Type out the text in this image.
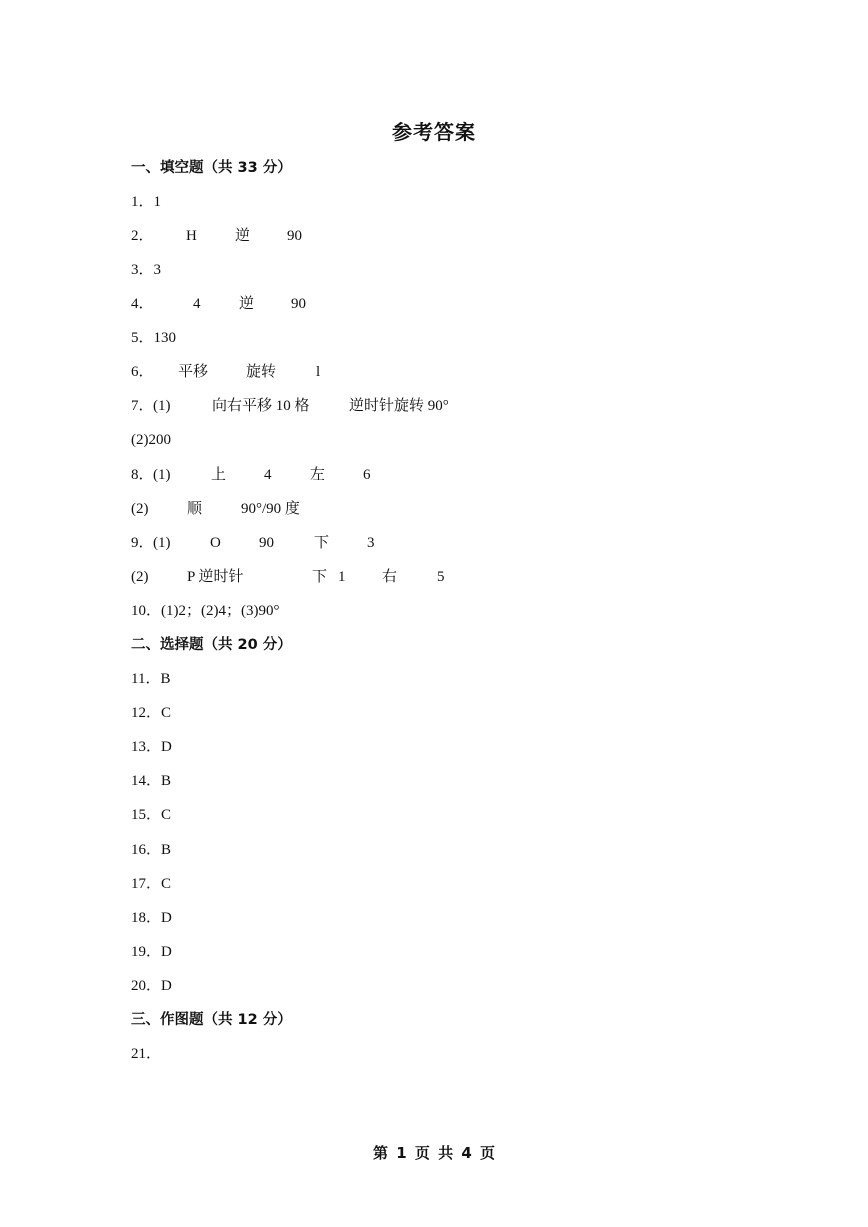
参考答案
一、填空题（共 33 分）
1．1
2． H	逆 90
3．3
4．	4	逆 90
5．130
6． 平移	旋转	l
7． (1)	向右平移 10 格	逆时针旋转 90°
(2)200
8． (1)	上	4	左	6
(2)	顺	90°/90 度
9． (1)	O	90	下	3
(2)	P 逆时针	下 1 右	5
10．(1)2；(2)4；(3)90°
二、选择题（共 20 分）
11．B
12．C
13．D
14．B
15．C
16．B
17．C
18．D
19．D
20．D
三、作图题（共 12 分）
21．
第 1 页 共 4 页
